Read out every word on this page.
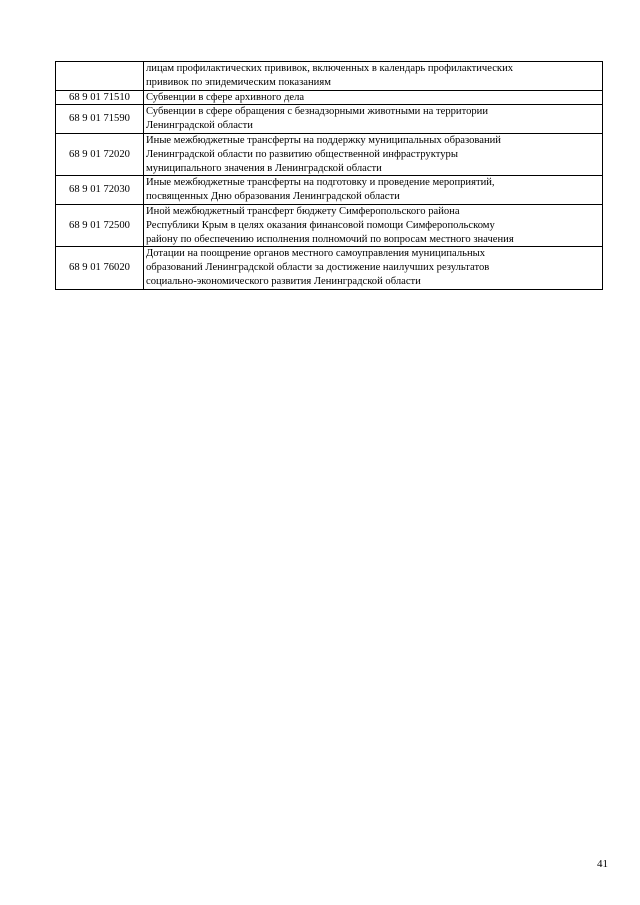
	лицам профилактических прививок, включенных в календарь профилактических
прививок по эпидемическим показаниям

68 9 01 71510	Субвенции в сфере архивного дела

68 9 01 71590	Субвенции в сфере обращения с безнадзорными животными на территории
Ленинградской области

68 9 01 72020	Иные межбюджетные трансферты на поддержку муниципальных образований
Ленинградской области по развитию общественной инфраструктуры
муниципального значения в Ленинградской области

68 9 01 72030	Иные межбюджетные трансферты на подготовку и проведение мероприятий,
посвященных Дню образования Ленинградской области

68 9 01 72500	Иной межбюджетный трансферт бюджету Симферопольского района
Республики Крым в целях оказания финансовой помощи Симферопольскому
району по обеспечению исполнения полномочий по вопросам местного значения

68 9 01 76020	Дотации на поощрение органов местного самоуправления муниципальных
образований Ленинградской области за достижение наилучших результатов
социально-экономического развития Ленинградской области
41
